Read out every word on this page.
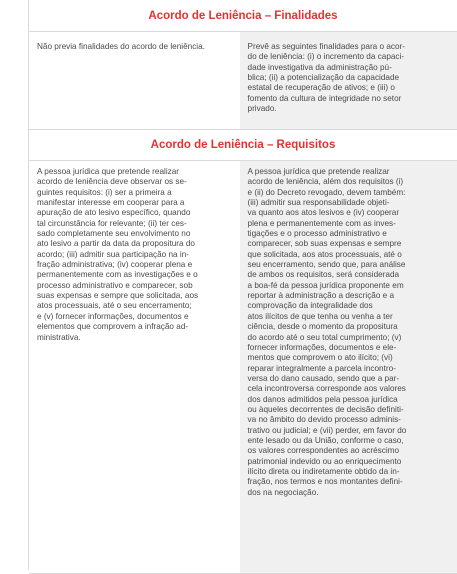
Acordo de Leniência – Finalidades
Não previa finalidades do acordo de leniência.	Prevê as seguintes finalidades para o acor-
do de leniência: (i) o incremento da capaci-
dade investigativa da administração pú-
blica; (ii) a potencialização da capacidade
estatal de recuperação de ativos; e (iii) o
fomento da cultura de integridade no setor
privado.
Acordo de Leniência – Requisitos
A pessoa jurídica que pretende realizar
acordo de leniência deve observar os se-
guintes requisitos: (i) ser a primeira a
manifestar interesse em cooperar para a
apuração de ato lesivo específico, quando
tal circunstância for relevante; (ii) ter ces-
sado completamente seu envolvimento no
ato lesivo a partir da data da propositura do
acordo; (iii) admitir sua participação na in-
fração administrativa; (iv) cooperar plena e
permanentemente com as investigações e o
processo administrativo e comparecer, sob
suas expensas e sempre que solicitada, aos
atos processuais, até o seu encerramento;
e (v) fornecer informações, documentos e
elementos que comprovem a infração ad-
ministrativa.
A pessoa jurídica que pretende realizar
acordo de leniência, além dos requisitos (i)
e (ii) do Decreto revogado, devem também:
(iii) admitir sua responsabilidade objeti-
va quanto aos atos lesivos e (iv) cooperar
plena e permanentemente com as inves-
tigações e o processo administrativo e
comparecer, sob suas expensas e sempre
que solicitada, aos atos processuais, até o
seu encerramento, sendo que, para análise
de ambos os requisitos, será considerada
a boa-fé da pessoa jurídica proponente em
reportar à administração a descrição e a
comprovação da integralidade dos
atos ilícitos de que tenha ou venha a ter
ciência, desde o momento da propositura
do acordo até o seu total cumprimento; (v)
fornecer informações, documentos e ele-
mentos que comprovem o ato ilícito; (vi)
reparar integralmente a parcela incontro-
versa do dano causado, sendo que a par-
cela incontroversa corresponde aos valores
dos danos admitidos pela pessoa jurídica
ou àqueles decorrentes de decisão definiti-
va no âmbito do devido processo adminis-
trativo ou judicial; e (vii) perder, em favor do
ente lesado ou da União, conforme o caso,
os valores correspondentes ao acréscimo
patrimonial indevido ou ao enriquecimento
ilícito direta ou indiretamente obtido da in-
fração, nos termos e nos montantes defini-
dos na negociação.
